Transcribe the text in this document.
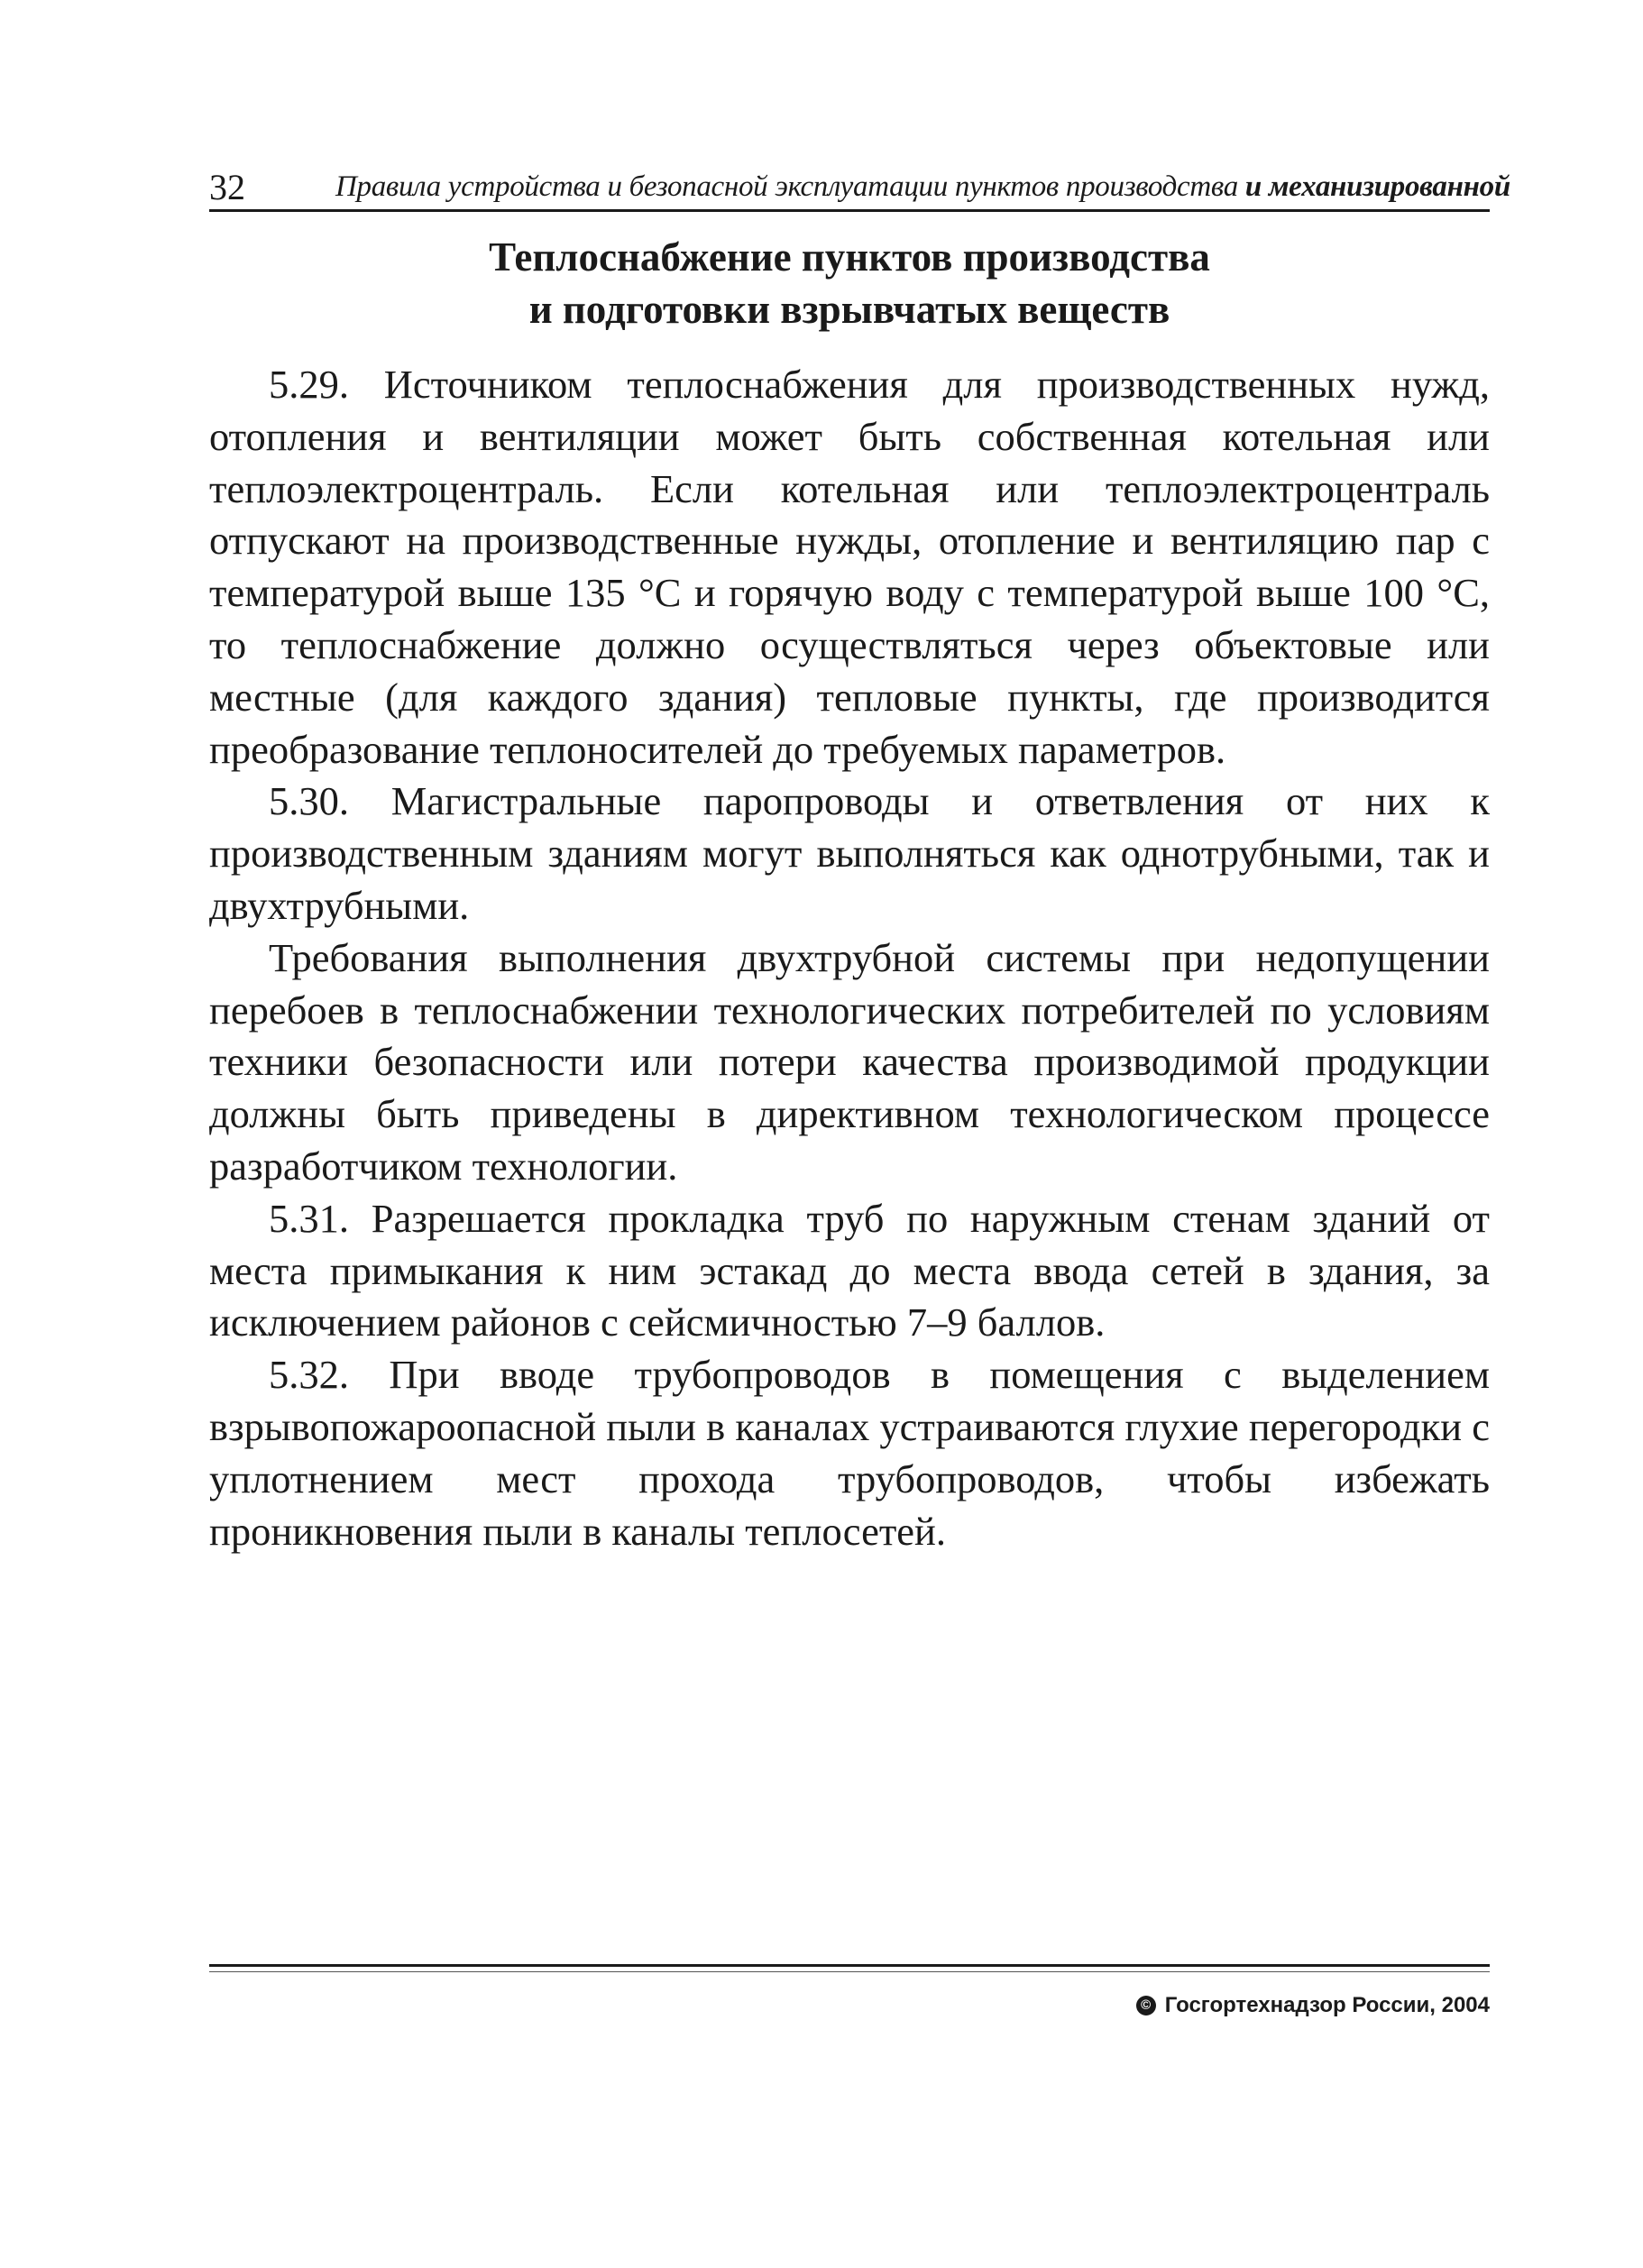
32	Правила устройства и безопасной эксплуатации пунктов производства и механизированной
Теплоснабжение пунктов производства
и подготовки взрывчатых веществ

5.29. Источником теплоснабжения для производственных нужд, отопления и вентиляции может быть собственная котельная или теплоэлектроцентраль. Если котельная или теплоэлектроцентраль отпускают на производственные нужды, отопление и вентиляцию пар с температурой выше 135 °С и горячую воду с температурой выше 100 °С, то теплоснабжение должно осуществляться через объектовые или местные (для каждого здания) тепловые пункты, где производится преобразование теплоносителей до требуемых параметров.

5.30. Магистральные паропроводы и ответвления от них к производственным зданиям могут выполняться как однотрубными, так и двухтрубными.

Требования выполнения двухтрубной системы при недопущении перебоев в теплоснабжении технологических потребителей по условиям техники безопасности или потери качества производимой продукции должны быть приведены в директивном технологическом процессе разработчиком технологии.

5.31. Разрешается прокладка труб по наружным стенам зданий от места примыкания к ним эстакад до места ввода сетей в здания, за исключением районов с сейсмичностью 7–9 баллов.

5.32. При вводе трубопроводов в помещения с выделением взрывопожароопасной пыли в каналах устраиваются глухие перегородки с уплотнением мест прохода трубопроводов, чтобы избежать проникновения пыли в каналы теплосетей.

© Госгортехнадзор России, 2004
